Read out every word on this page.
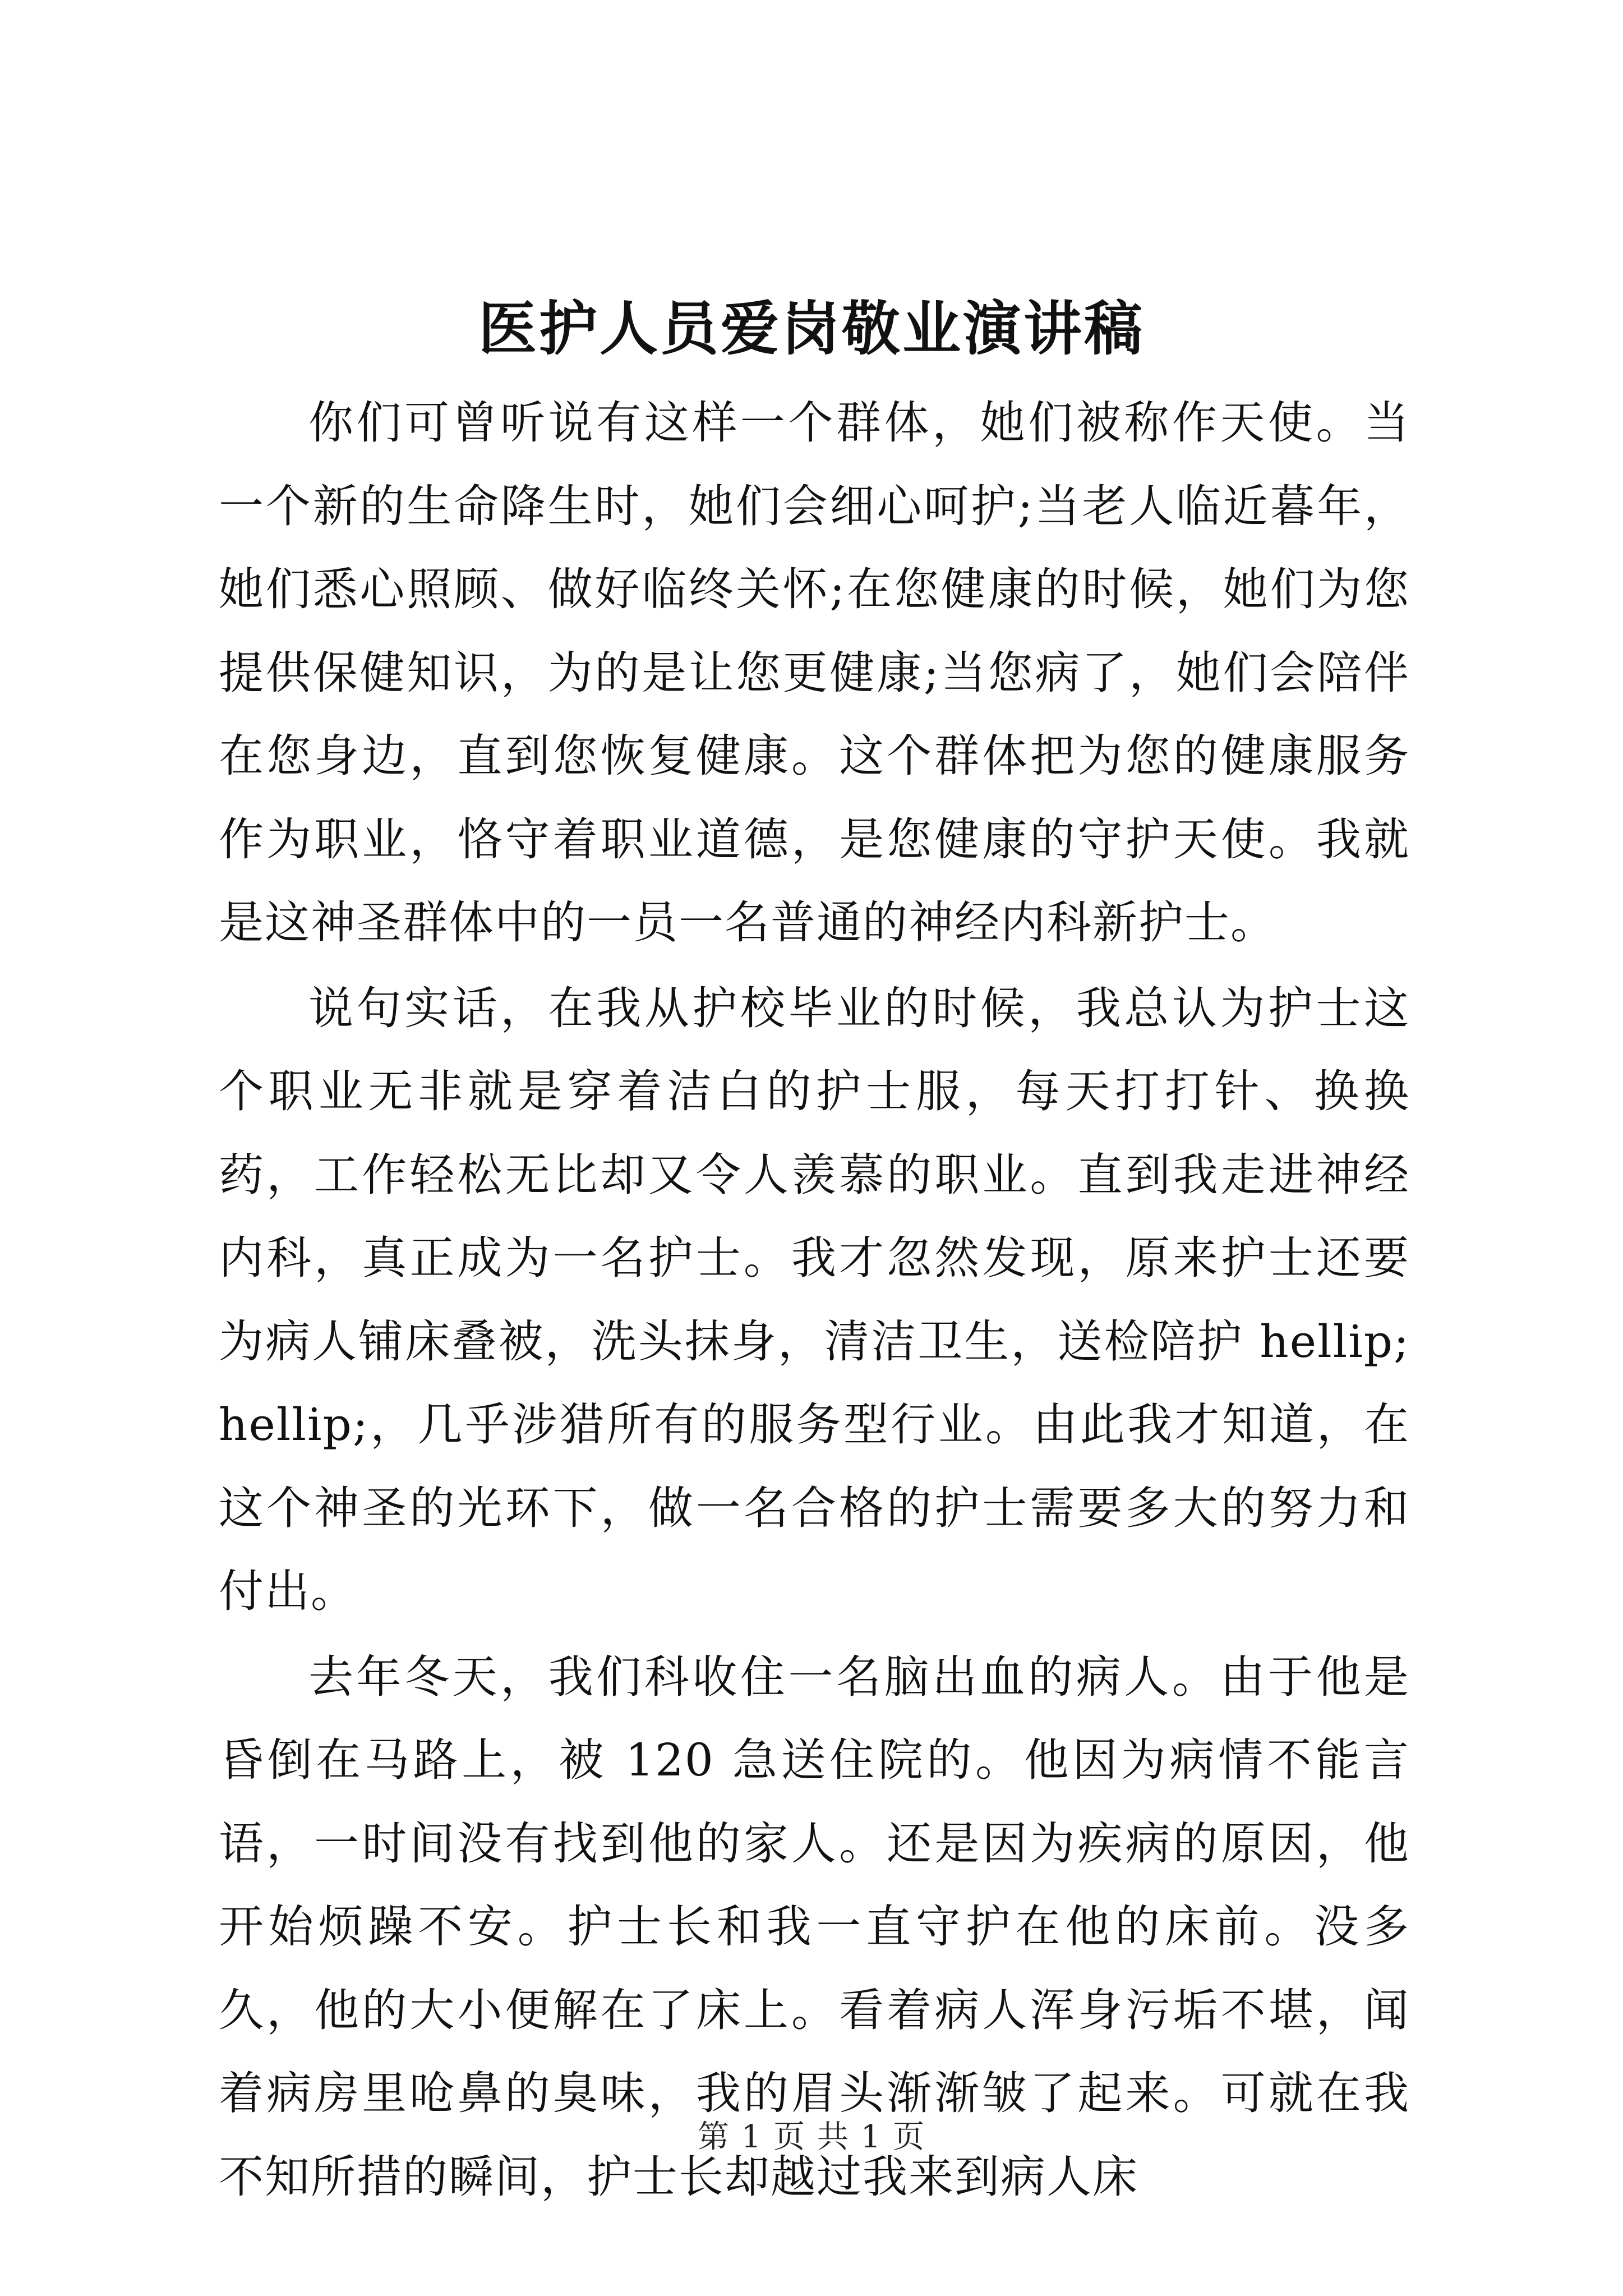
医护人员爱岗敬业演讲稿

你们可曾听说有这样一个群体，她们被称作天使。当一个新的生命降生时，她们会细心呵护;当老人临近暮年，她们悉心照顾、做好临终关怀;在您健康的时候，她们为您提供保健知识，为的是让您更健康;当您病了，她们会陪伴在您身边，直到您恢复健康。这个群体把为您的健康服务作为职业，恪守着职业道德，是您健康的守护天使。我就是这神圣群体中的一员一名普通的神经内科新护士。

说句实话，在我从护校毕业的时候，我总认为护士这个职业无非就是穿着洁白的护士服，每天打打针、换换药，工作轻松无比却又令人羡慕的职业。直到我走进神经内科，真正成为一名护士。我才忽然发现，原来护士还要为病人铺床叠被，洗头抹身，清洁卫生，送检陪护 hellip;hellip;，几乎涉猎所有的服务型行业。由此我才知道，在这个神圣的光环下，做一名合格的护士需要多大的努力和付出。

去年冬天，我们科收住一名脑出血的病人。由于他是昏倒在马路上，被 120 急送住院的。他因为病情不能言语，一时间没有找到他的家人。还是因为疾病的原因，他开始烦躁不安。护士长和我一直守护在他的床前。没多久，他的大小便解在了床上。看着病人浑身污垢不堪，闻着病房里呛鼻的臭味，我的眉头渐渐皱了起来。可就在我不知所措的瞬间，护士长却越过我来到病人床

第 1 页 共 1 页
